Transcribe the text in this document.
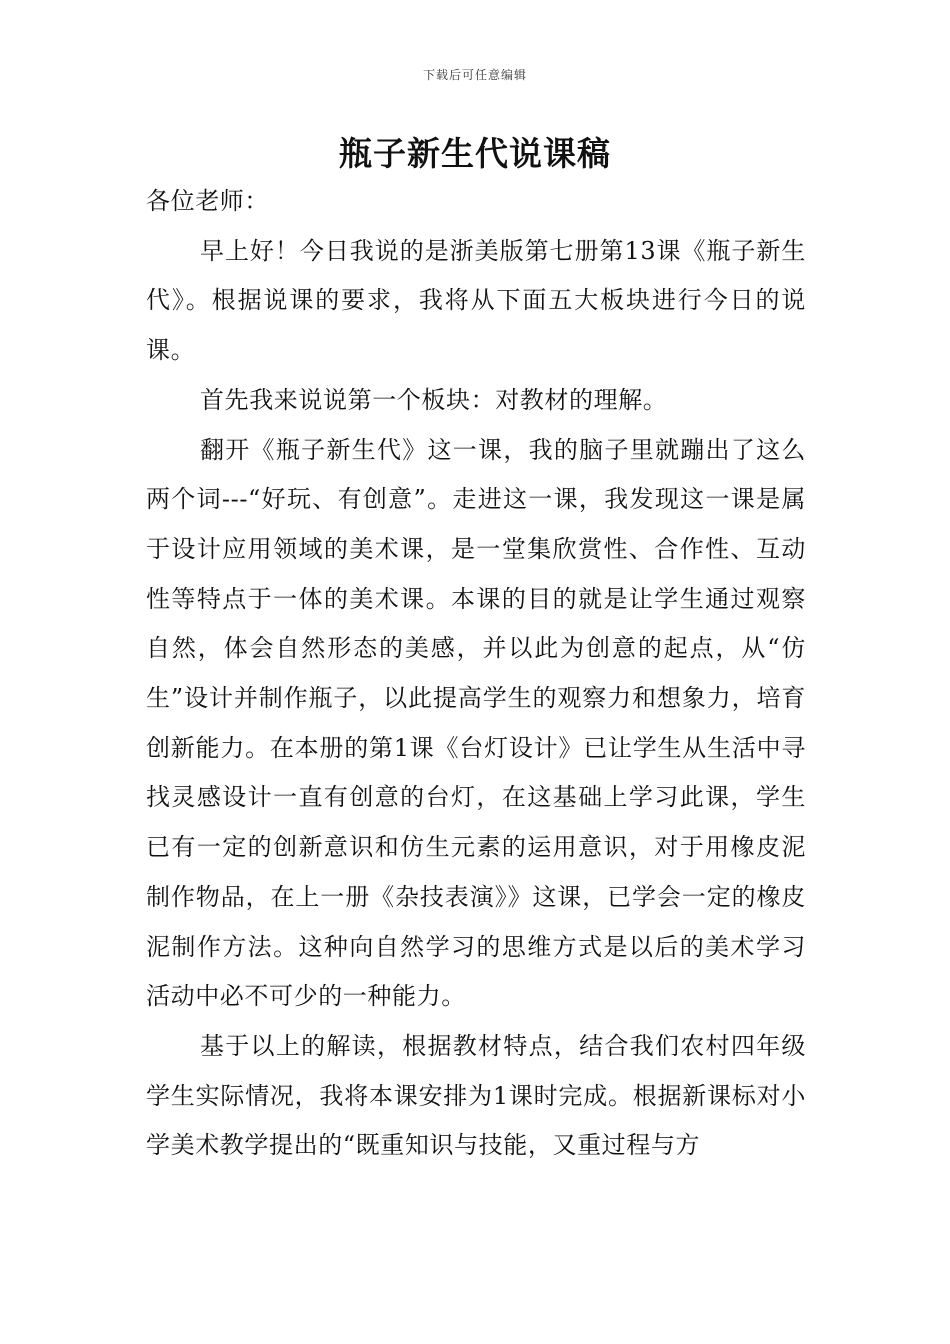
下载后可任意编辑
瓶子新生代说课稿

各位老师：

早上好！今日我说的是浙美版第七册第13课《瓶子新生代》。根据说课的要求，我将从下面五大板块进行今日的说课。

首先我来说说第一个板块：对教材的理解。

翻开《瓶子新生代》这一课，我的脑子里就蹦出了这么两个词---“好玩、有创意”。走进这一课，我发现这一课是属于设计应用领域的美术课，是一堂集欣赏性、合作性、互动性等特点于一体的美术课。本课的目的就是让学生通过观察自然，体会自然形态的美感，并以此为创意的起点，从“仿生”设计并制作瓶子，以此提高学生的观察力和想象力，培育创新能力。在本册的第1课《台灯设计》已让学生从生活中寻找灵感设计一直有创意的台灯，在这基础上学习此课，学生已有一定的创新意识和仿生元素的运用意识，对于用橡皮泥制作物品，在上一册《杂技表演》》这课，已学会一定的橡皮泥制作方法。这种向自然学习的思维方式是以后的美术学习活动中必不可少的一种能力。

基于以上的解读，根据教材特点，结合我们农村四年级学生实际情况，我将本课安排为1课时完成。根据新课标对小学美术教学提出的“既重知识与技能，又重过程与方
